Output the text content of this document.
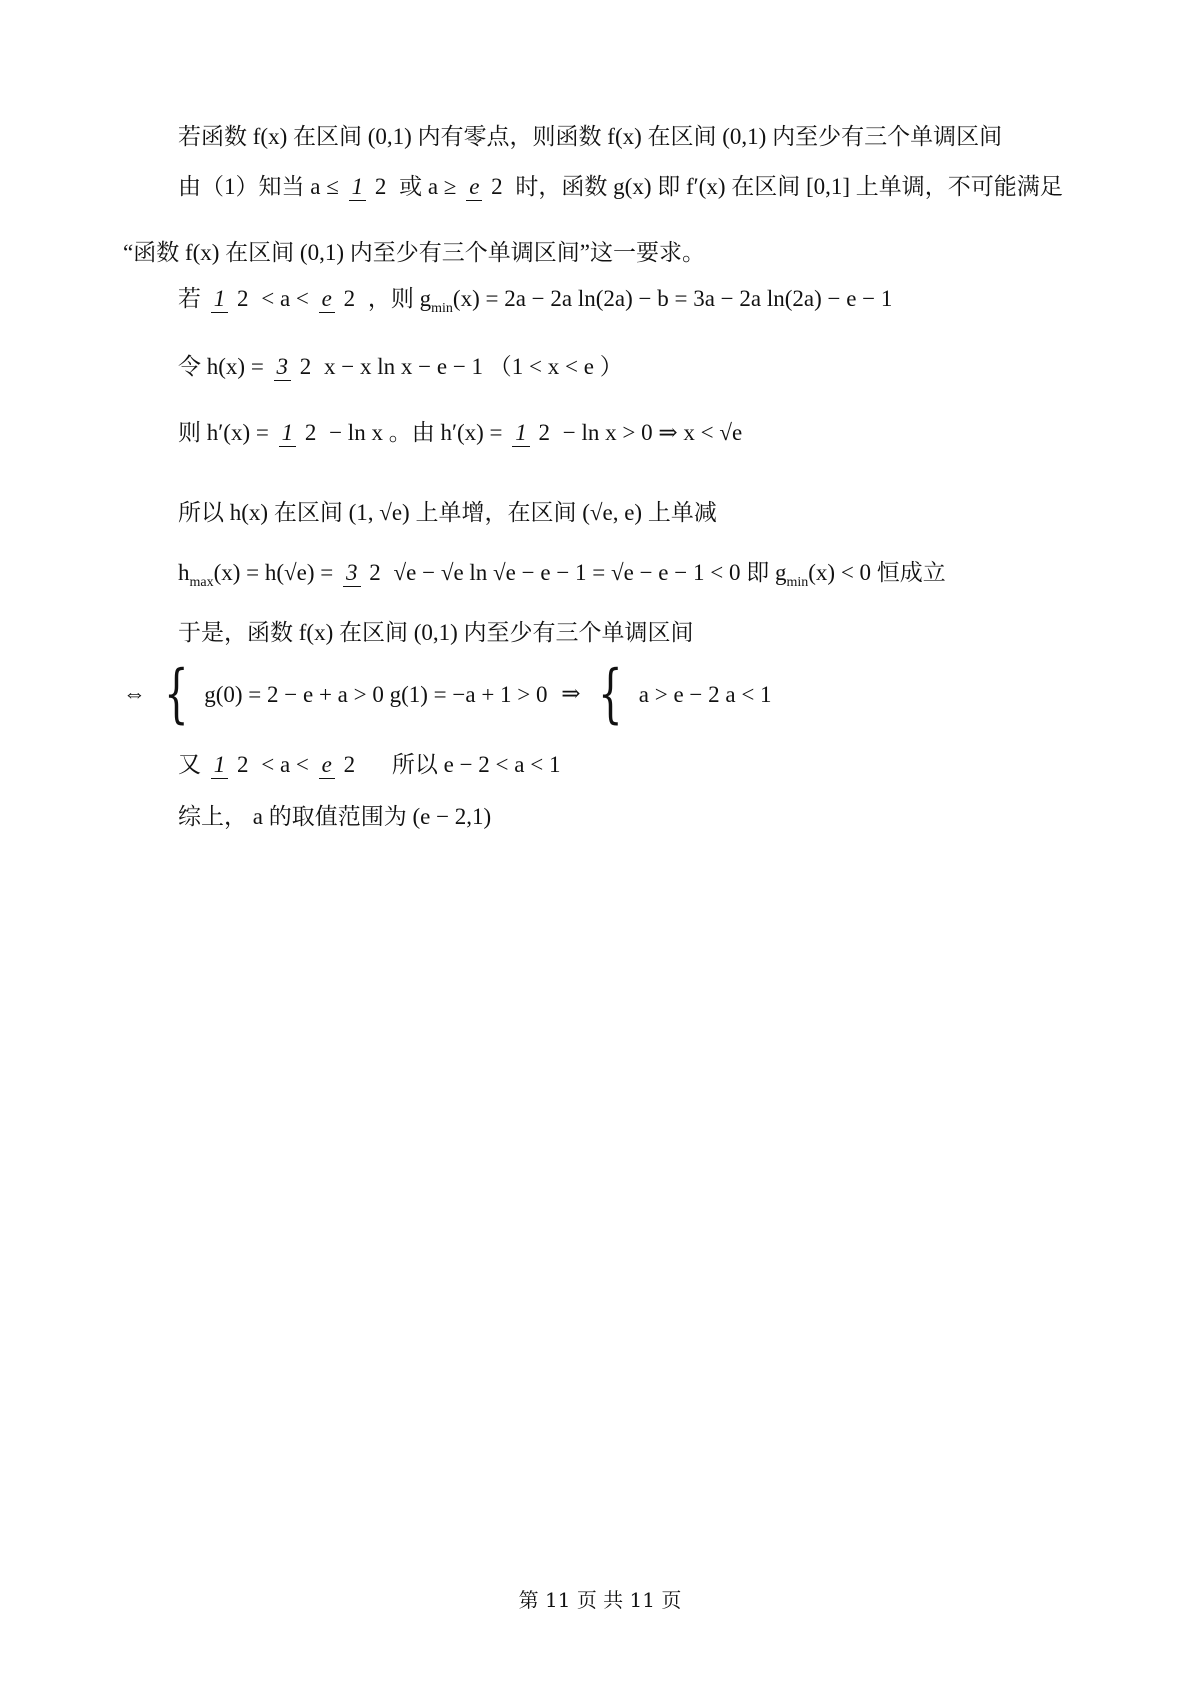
若函数 f(x) 在区间 (0,1) 内有零点，则函数 f(x) 在区间 (0,1) 内至少有三个单调区间
由（1）知当 a ≤ 1 2 或 a ≥ e 2 时，函数 g(x) 即 f′(x) 在区间 [0,1] 上单调，不可能满足
“函数 f(x) 在区间 (0,1) 内至少有三个单调区间”这一要求。
若 1 2 < a < e 2 ，则 gmin(x) = 2a − 2a ln(2a) − b = 3a − 2a ln(2a) − e − 1
令 h(x) = 3 2 x − x ln x − e − 1 （1 < x < e ）
则 h′(x) = 1 2 − ln x 。由 h′(x) = 1 2 − ln x > 0 ⇒ x < √e
所以 h(x) 在区间 (1, √e) 上单增，在区间 (√e, e) 上单减
hmax(x) = h(√e) = 3 2 √e − √e ln √e − e − 1 = √e − e − 1 < 0 即 gmin(x) < 0 恒成立
于是，函数 f(x) 在区间 (0,1) 内至少有三个单调区间
⇔ { g(0) = 2 − e + a > 0 g(1) = −a + 1 > 0 ⇒ { a > e − 2 a < 1
又 1 2 < a < e 2 所以 e − 2 < a < 1
综上， a 的取值范围为 (e − 2,1)
第 11 页 共 11 页
